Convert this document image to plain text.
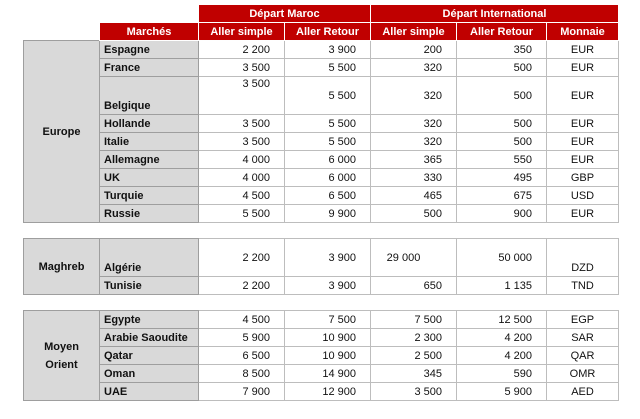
		Départ Maroc		Départ International		
	Marchés	Aller simple	Aller Retour	Aller simple	Aller Retour	Monnaie
Europe	Espagne	2 200	3 900	200	350	EUR
	France	3 500	5 500	320	500	EUR
	Belgique	3 500	5 500	320	500	EUR
	Hollande	3 500	5 500	320	500	EUR
	Italie	3 500	5 500	320	500	EUR
	Allemagne	4 000	6 000	365	550	EUR
	UK	4 000	6 000	330	495	GBP
	Turquie	4 500	6 500	465	675	USD
	Russie	5 500	9 900	500	900	EUR

Maghreb	Algérie	2 200	3 900	29 000	50 000	DZD
	Tunisie	2 200	3 900	650	1 135	TND

Moyen Orient	Egypte	4 500	7 500	7 500	12 500	EGP
	Arabie Saoudite	5 900	10 900	2 300	4 200	SAR
	Qatar	6 500	10 900	2 500	4 200	QAR
	Oman	8 500	14 900	345	590	OMR
	UAE	7 900	12 900	3 500	5 900	AED
